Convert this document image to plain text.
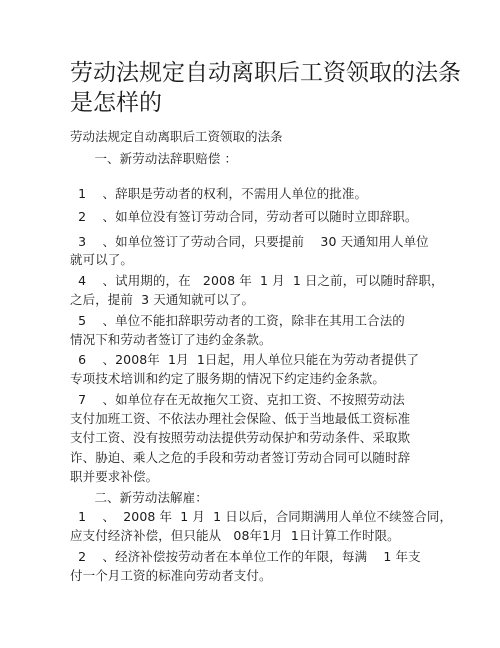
劳动法规定自动离职后工资领取的法条是怎样的
劳动法规定自动离职后工资领取的法条
一、新劳动法辞职赔偿 ：
1    、辞职是劳动者的权利，不需用人单位的批准。
2    、如单位没有签订劳动合同，劳动者可以随时立即辞职。
3    、如单位签订了劳动合同，只要提前    30 天通知用人单位
就可以了。
4    、试用期的，在   2008 年  1 月  1 日之前，可以随时辞职，
之后，提前  3 天通知就可以了。
5    、单位不能扣辞职劳动者的工资，除非在其用工合法的
情况下和劳动者签订了违约金条款。
6    、2008年  1月  1日起，用人单位只能在为劳动者提供了
专项技术培训和约定了服务期的情况下约定违约金条款。
7    、如单位存在无故拖欠工资、克扣工资、不按照劳动法
支付加班工资、不依法办理社会保险、低于当地最低工资标准
支付工资、没有按照劳动法提供劳动保护和劳动条件、采取欺
诈、胁迫、乘人之危的手段和劳动者签订劳动合同可以随时辞
职并要求补偿。
二、新劳动法解雇：
1    、  2008 年  1 月  1 日以后，合同期满用人单位不续签合同，
应支付经济补偿，但只能从   08年1月  1日计算工作时限。
2    、经济补偿按劳动者在本单位工作的年限，每满    1 年支
付一个月工资的标准向劳动者支付。
